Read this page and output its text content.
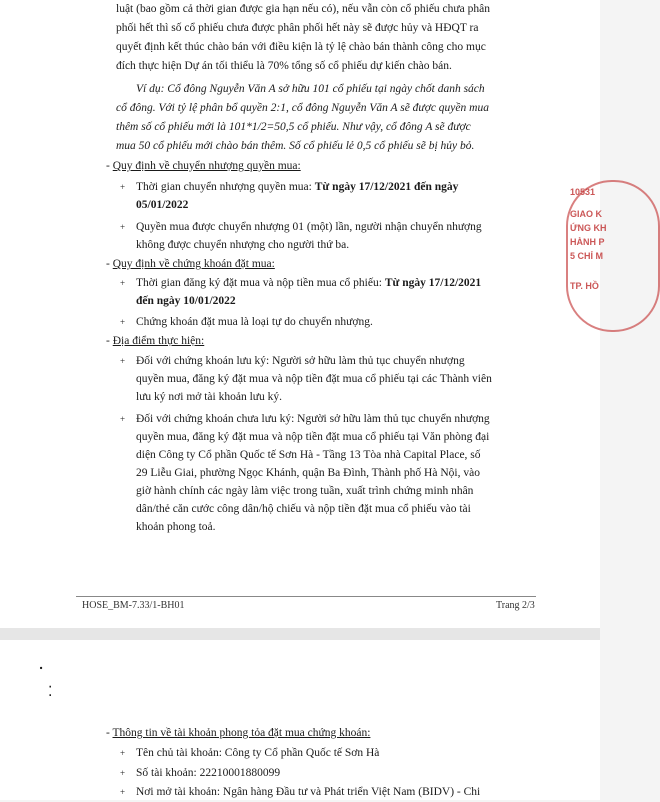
luật (bao gồm cả thời gian được gia hạn nếu có), nếu vẫn còn cổ phiếu chưa phân
phối hết thì số cổ phiếu chưa được phân phối hết này sẽ được hủy và HĐQT ra
quyết định kết thúc chào bán với điều kiện là tỷ lệ chào bán thành công cho mục
đích thực hiện Dự án tối thiểu là 70% tổng số cổ phiếu dự kiến chào bán.
Ví dụ: Cổ đông Nguyễn Văn A sở hữu 101 cổ phiếu tại ngày chốt danh sách
cổ đông. Với tỷ lệ phân bổ quyền 2:1, cổ đông Nguyễn Văn A sẽ được quyền mua
thêm số cổ phiếu mới là 101*1/2=50,5 cổ phiếu. Như vậy, cổ đông A sẽ được
mua 50 cổ phiếu mới chào bán thêm. Số cổ phiếu lẻ 0,5 cổ phiếu sẽ bị hủy bỏ.
- Quy định về chuyển nhượng quyền mua:
+ Thời gian chuyển nhượng quyền mua: Từ ngày 17/12/2021 đến ngày
05/01/2022
+ Quyền mua được chuyển nhượng 01 (một) lần, người nhận chuyển nhượng
không được chuyển nhượng cho người thứ ba.
- Quy định về chứng khoán đặt mua:
+ Thời gian đăng ký đặt mua và nộp tiền mua cổ phiếu: Từ ngày 17/12/2021
đến ngày 10/01/2022
+ Chứng khoán đặt mua là loại tự do chuyển nhượng.
- Địa điểm thực hiện:
+ Đối với chứng khoán lưu ký: Người sở hữu làm thủ tục chuyển nhượng
quyền mua, đăng ký đặt mua và nộp tiền đặt mua cổ phiếu tại các Thành viên
lưu ký nơi mở tài khoản lưu ký.
+ Đối với chứng khoán chưa lưu ký: Người sở hữu làm thủ tục chuyển nhượng
quyền mua, đăng ký đặt mua và nộp tiền đặt mua cổ phiếu tại Văn phòng đại
diện Công ty Cổ phần Quốc tế Sơn Hà - Tầng 13 Tòa nhà Capital Place, số
29 Liễu Giai, phường Ngọc Khánh, quận Ba Đình, Thành phố Hà Nội, vào
giờ hành chính các ngày làm việc trong tuần, xuất trình chứng minh nhân
dân/thẻ căn cước công dân/hộ chiếu và nộp tiền đặt mua cổ phiếu vào tài
khoản phong toả.
10531
GIAO K
ỨNG KH
HÀNH P
5 CHÍ M
TP. HỒ
HOSE_BM-7.33/1-BH01	Trang 2/3
⠂
⁚
- Thông tin về tài khoản phong tỏa đặt mua chứng khoán:
+ Tên chủ tài khoản: Công ty Cổ phần Quốc tế Sơn Hà
+ Số tài khoản: 22210001880099
+ Nơi mở tài khoản: Ngân hàng Đầu tư và Phát triển Việt Nam (BIDV) - Chi
